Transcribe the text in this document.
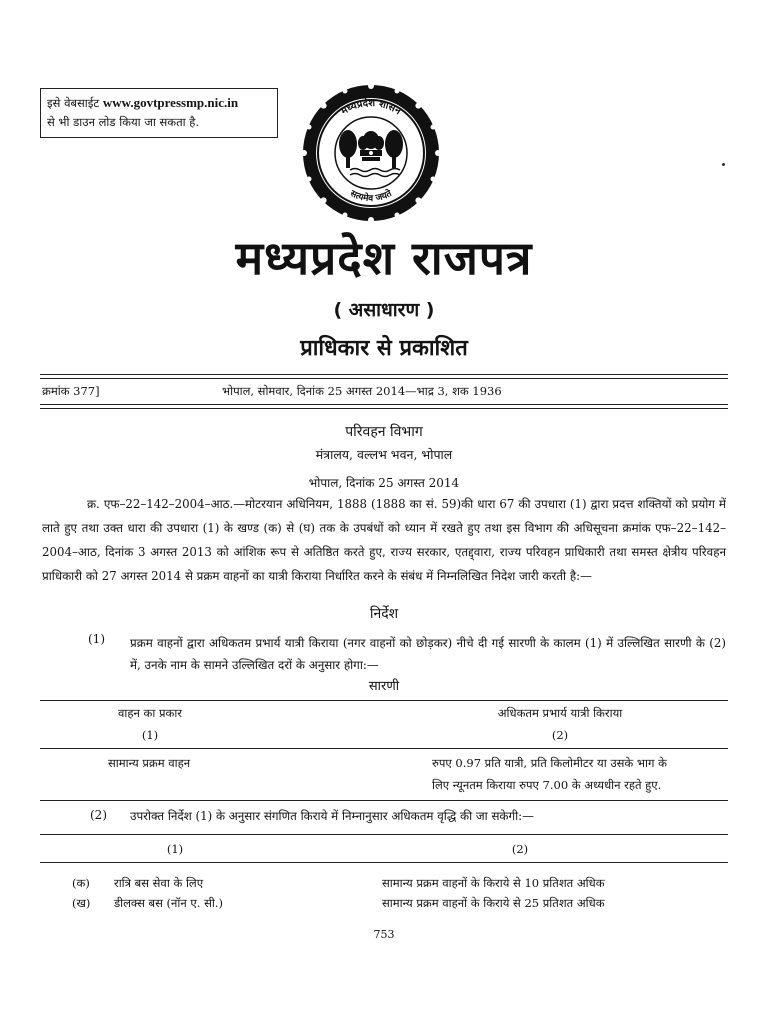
इसे वेबसाईट www.govtpressmp.nic.in
से भी डाउन लोड किया जा सकता है.
मध्यप्रदेश शासन
सत्यमेव जयते
मध्यप्रदेश राजपत्र
( असाधारण )
प्राधिकार से प्रकाशित
क्रमांक 377]	भोपाल, सोमवार, दिनांक 25 अगस्त 2014—भाद्र 3, शक 1936
परिवहन विभाग
मंत्रालय, वल्लभ भवन, भोपाल
भोपाल, दिनांक 25 अगस्त 2014
क्र. एफ–22–142–2004–आठ.—मोटरयान अधिनियम, 1888 (1888 का सं. 59)की धारा 67 की उपधारा (1) द्वारा प्रदत्त शक्तियों को प्रयोग में लाते हुए तथा उक्त धारा की उपधारा (1) के खण्ड (क) से (घ) तक के उपबंधों को ध्यान में रखते हुए तथा इस विभाग की अधिसूचना क्रमांक एफ–22–142–2004–आठ, दिनांक 3 अगस्त 2013 को आंशिक रूप से अतिष्ठित करते हुए, राज्य सरकार, एतद्द्वारा, राज्य परिवहन प्राधिकारी तथा समस्त क्षेत्रीय परिवहन प्राधिकारी को 27 अगस्त 2014 से प्रक्रम वाहनों का यात्री किराया निर्धारित करने के संबंध में निम्नलिखित निदेश जारी करती है:—
निर्देश
(1) प्रक्रम वाहनों द्वारा अधिकतम प्रभार्य यात्री किराया (नगर वाहनों को छोड़कर) नीचे दी गई सारणी के कालम (1) में उल्लिखित सारणी के (2) में, उनके नाम के सामने उल्लिखित दरों के अनुसार होगा:—
सारणी
वाहन का प्रकार	अधिकतम प्रभार्य यात्री किराया
(1)	(2)
सामान्य प्रक्रम वाहन	रुपए 0.97 प्रति यात्री, प्रति किलोमीटर या उसके भाग के
लिए न्यूनतम किराया रुपए 7.00 के अध्यधीन रहते हुए.
(2) उपरोक्त निर्देश (1) के अनुसार संगणित किराये में निम्नानुसार अधिकतम वृद्धि की जा सकेगी:—
(1)	(2)
(क) रात्रि बस सेवा के लिए	सामान्य प्रक्रम वाहनों के किराये से 10 प्रतिशत अधिक
(ख) डीलक्स बस (नॉन ए. सी.)	सामान्य प्रक्रम वाहनों के किराये से 25 प्रतिशत अधिक
753
